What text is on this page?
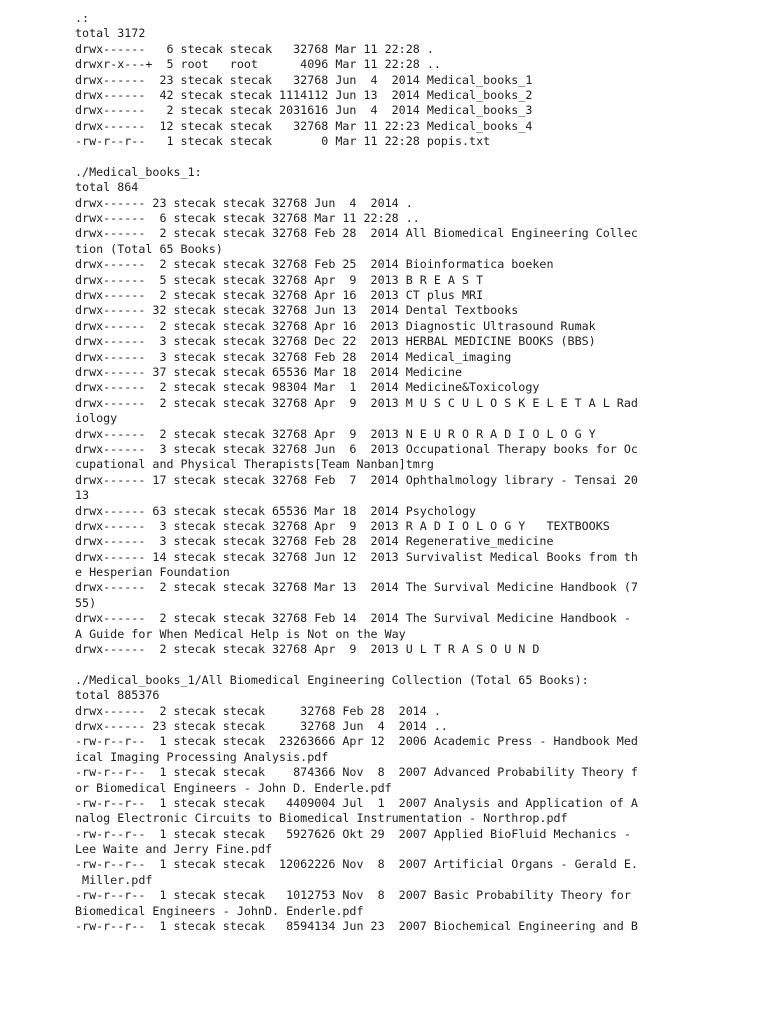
.:
total 3172
drwx------   6 stecak stecak   32768 Mar 11 22:28 .
drwxr-x---+  5 root   root      4096 Mar 11 22:28 ..
drwx------  23 stecak stecak   32768 Jun  4  2014 Medical_books_1
drwx------  42 stecak stecak 1114112 Jun 13  2014 Medical_books_2
drwx------   2 stecak stecak 2031616 Jun  4  2014 Medical_books_3
drwx------  12 stecak stecak   32768 Mar 11 22:23 Medical_books_4
-rw-r--r--   1 stecak stecak       0 Mar 11 22:28 popis.txt
./Medical_books_1:
total 864
drwx------ 23 stecak stecak 32768 Jun  4  2014 .
drwx------  6 stecak stecak 32768 Mar 11 22:28 ..
drwx------  2 stecak stecak 32768 Feb 28  2014 All Biomedical Engineering Collec
tion (Total 65 Books)
drwx------  2 stecak stecak 32768 Feb 25  2014 Bioinformatica boeken
drwx------  5 stecak stecak 32768 Apr  9  2013 B R E A S T
drwx------  2 stecak stecak 32768 Apr 16  2013 CT plus MRI
drwx------ 32 stecak stecak 32768 Jun 13  2014 Dental Textbooks
drwx------  2 stecak stecak 32768 Apr 16  2013 Diagnostic Ultrasound Rumak
drwx------  3 stecak stecak 32768 Dec 22  2013 HERBAL MEDICINE BOOKS (BBS)
drwx------  3 stecak stecak 32768 Feb 28  2014 Medical_imaging
drwx------ 37 stecak stecak 65536 Mar 18  2014 Medicine
drwx------  2 stecak stecak 98304 Mar  1  2014 Medicine&Toxicology
drwx------  2 stecak stecak 32768 Apr  9  2013 M U S C U L O S K E L E T A L Rad
iology
drwx------  2 stecak stecak 32768 Apr  9  2013 N E U R O R A D I O L O G Y
drwx------  3 stecak stecak 32768 Jun  6  2013 Occupational Therapy books for Oc
cupational and Physical Therapists[Team Nanban]tmrg
drwx------ 17 stecak stecak 32768 Feb  7  2014 Ophthalmology library - Tensai 20
13
drwx------ 63 stecak stecak 65536 Mar 18  2014 Psychology
drwx------  3 stecak stecak 32768 Apr  9  2013 R A D I O L O G Y   TEXTBOOKS
drwx------  3 stecak stecak 32768 Feb 28  2014 Regenerative_medicine
drwx------ 14 stecak stecak 32768 Jun 12  2013 Survivalist Medical Books from th
e Hesperian Foundation
drwx------  2 stecak stecak 32768 Mar 13  2014 The Survival Medicine Handbook (7
55)
drwx------  2 stecak stecak 32768 Feb 14  2014 The Survival Medicine Handbook -
A Guide for When Medical Help is Not on the Way
drwx------  2 stecak stecak 32768 Apr  9  2013 U L T R A S O U N D
./Medical_books_1/All Biomedical Engineering Collection (Total 65 Books):
total 885376
drwx------  2 stecak stecak     32768 Feb 28  2014 .
drwx------ 23 stecak stecak     32768 Jun  4  2014 ..
-rw-r--r--  1 stecak stecak  23263666 Apr 12  2006 Academic Press - Handbook Med
ical Imaging Processing Analysis.pdf
-rw-r--r--  1 stecak stecak    874366 Nov  8  2007 Advanced Probability Theory f
or Biomedical Engineers - John D. Enderle.pdf
-rw-r--r--  1 stecak stecak   4409004 Jul  1  2007 Analysis and Application of A
nalog Electronic Circuits to Biomedical Instrumentation - Northrop.pdf
-rw-r--r--  1 stecak stecak   5927626 Okt 29  2007 Applied BioFluid Mechanics -
Lee Waite and Jerry Fine.pdf
-rw-r--r--  1 stecak stecak  12062226 Nov  8  2007 Artificial Organs - Gerald E.
Miller.pdf
-rw-r--r--  1 stecak stecak   1012753 Nov  8  2007 Basic Probability Theory for
Biomedical Engineers - JohnD. Enderle.pdf
-rw-r--r--  1 stecak stecak   8594134 Jun 23  2007 Biochemical Engineering and B
